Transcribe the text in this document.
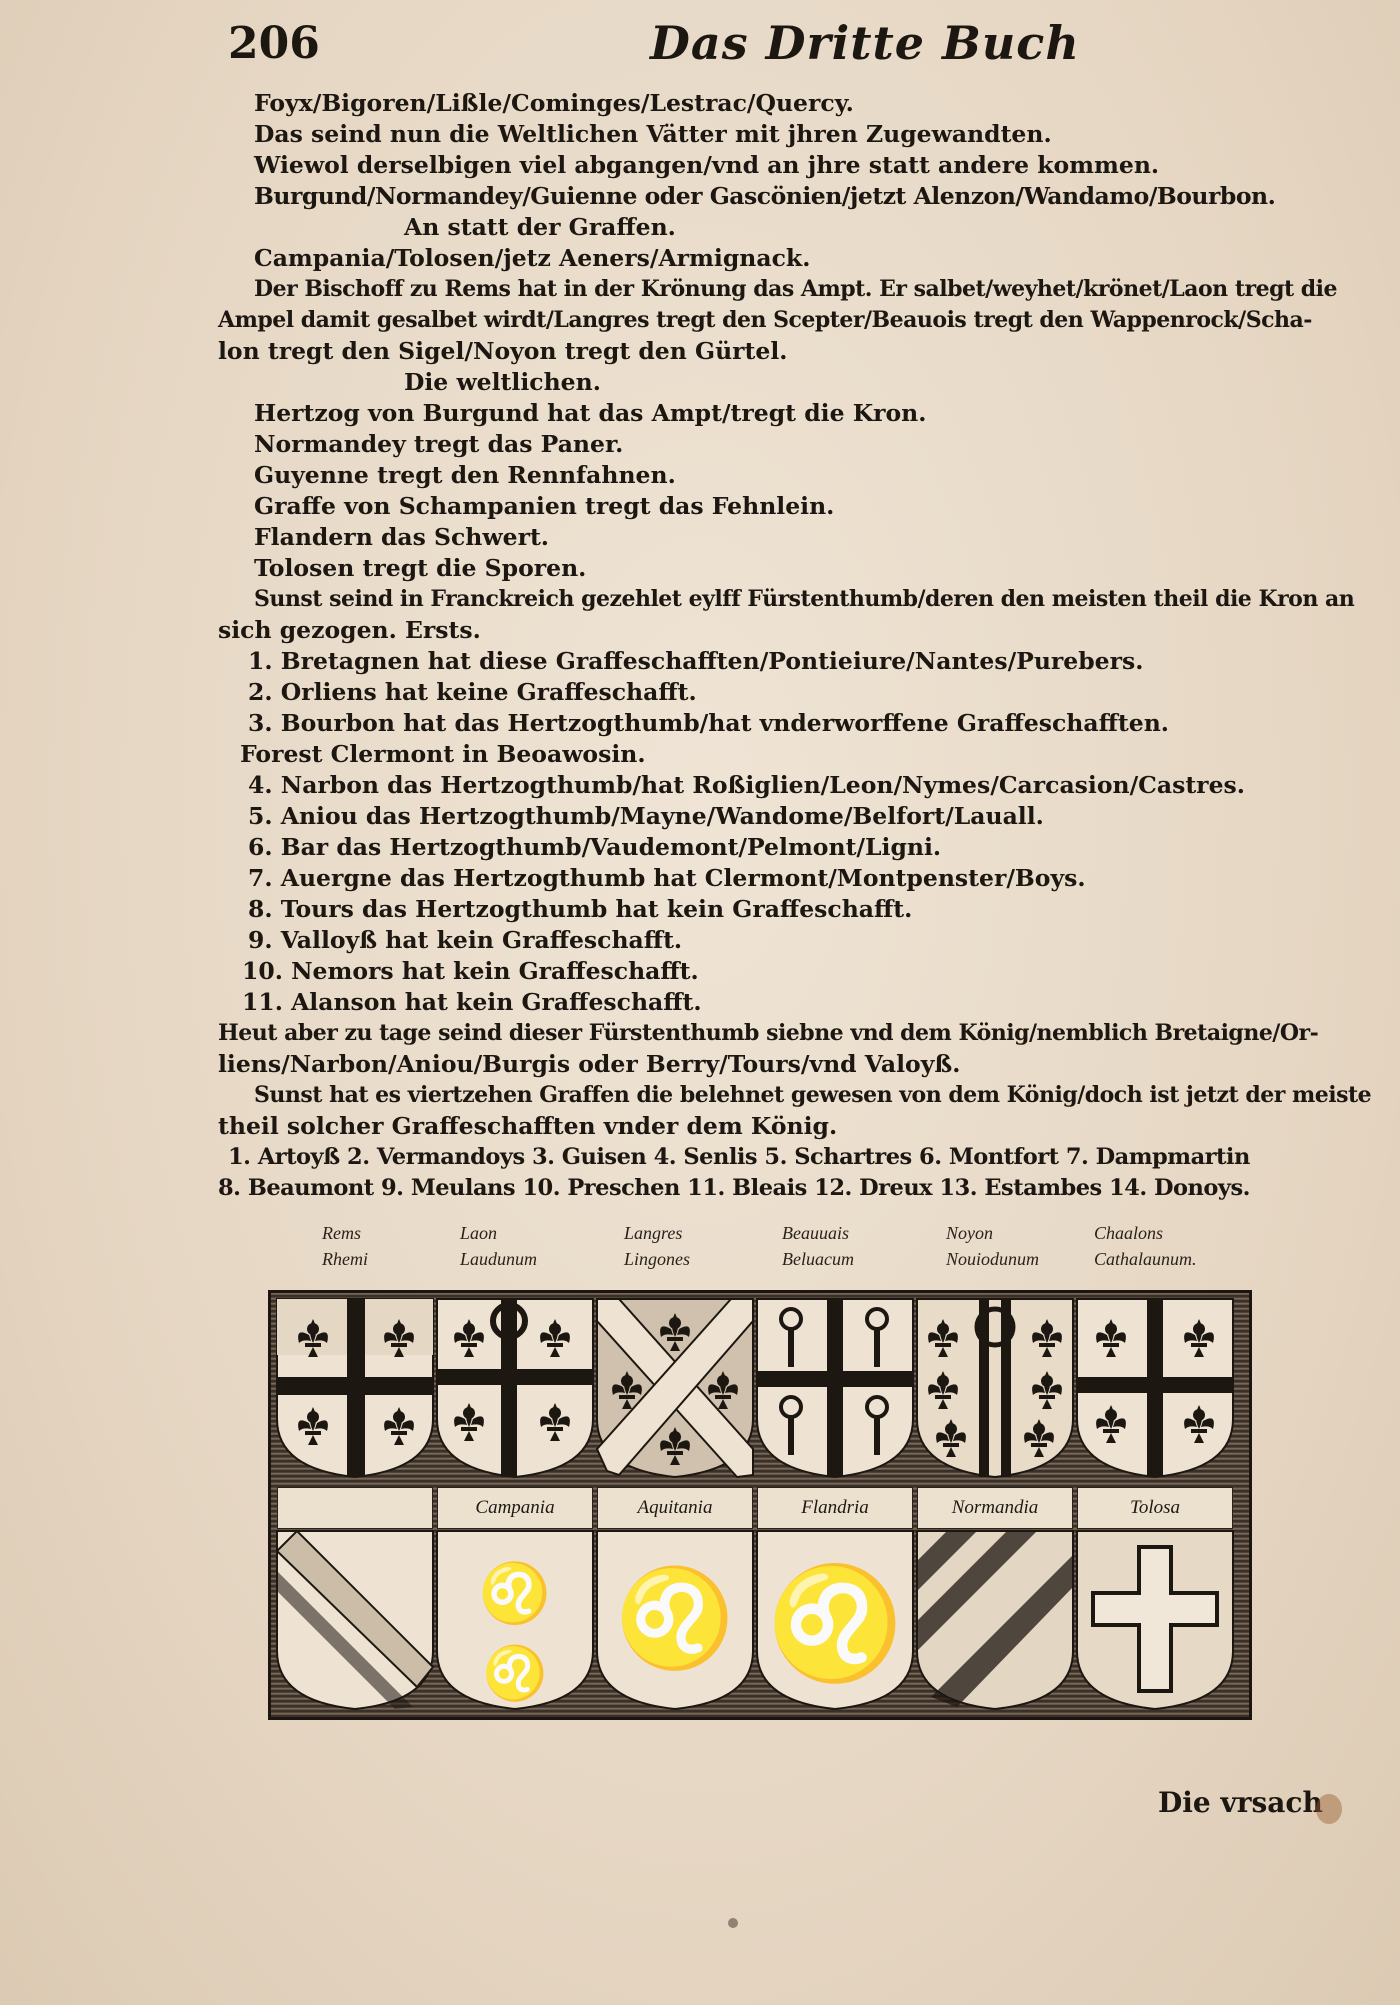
206	Das Dritte Buch
Foyx/Bigoren/Lißle/Cominges/Lestrac/Quercy.
Das seind nun die Weltlichen Vätter mit jhren Zugewandten.
Wiewol derselbigen viel abgangen/vnd an jhre statt andere kommen.
Burgund/Normandey/Guienne oder Gascönien/jetzt Alenzon/Wandamo/Bourbon.
An statt der Graffen.
Campania/Tolosen/jetz Aeners/Armignack.
Der Bischoff zu Rems hat in der Krönung das Ampt. Er salbet/weyhet/krönet/Laon tregt die
Ampel damit gesalbet wirdt/Langres tregt den Scepter/Beauois tregt den Wappenrock/Scha-
lon tregt den Sigel/Noyon tregt den Gürtel.
Die weltlichen.
Hertzog von Burgund hat das Ampt/tregt die Kron.
Normandey tregt das Paner.
Guyenne tregt den Rennfahnen.
Graffe von Schampanien tregt das Fehnlein.
Flandern das Schwert.
Tolosen tregt die Sporen.
Sunst seind in Franckreich gezehlet eylff Fürstenthumb/deren den meisten theil die Kron an
sich gezogen. Ersts.
1. Bretagnen hat diese Graffeschafften/Pontieiure/Nantes/Purebers.
2. Orliens hat keine Graffeschafft.
3. Bourbon hat das Hertzogthumb/hat vnderworffene Graffeschafften.
Forest Clermont in Beoawosin.
4. Narbon das Hertzogthumb/hat Roßiglien/Leon/Nymes/Carcasion/Castres.
5. Aniou das Hertzogthumb/Mayne/Wandome/Belfort/Lauall.
6. Bar das Hertzogthumb/Vaudemont/Pelmont/Ligni.
7. Auergne das Hertzogthumb hat Clermont/Montpenster/Boys.
8. Tours das Hertzogthumb hat kein Graffeschafft.
9. Valloyß hat kein Graffeschafft.
10. Nemors hat kein Graffeschafft.
11. Alanson hat kein Graffeschafft.
Heut aber zu tage seind dieser Fürstenthumb siebne vnd dem König/nemblich Bretaigne/Or-
liens/Narbon/Aniou/Burgis oder Berry/Tours/vnd Valoyß.
Sunst hat es viertzehen Graffen die belehnet gewesen von dem König/doch ist jetzt der meiste
theil solcher Graffeschafften vnder dem König.
1. Artoyß 2. Vermandoys 3. Guisen 4. Senlis 5. Schartres 6. Montfort 7. Dampmartin
8. Beaumont 9. Meulans 10. Preschen 11. Bleais 12. Dreux 13. Estambes 14. Donoys.
Rems
Rhemi
Laon
Laudunum
Langres
Lingones
Beauuais
Beluacum
Noyon
Nouiodunum
Chaalons
Cathalaunum.
♌
♌ ♌ ♌
Campania	Aquitania	Flandria	Normandia	Tolosa
Die vrsach
